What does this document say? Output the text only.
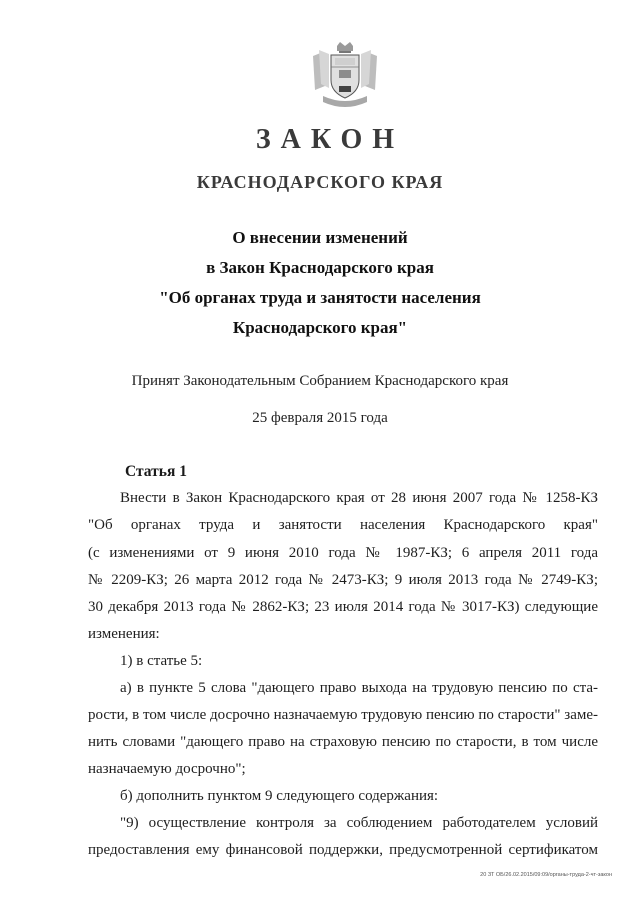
ЗАКОН
КРАСНОДАРСКОГО КРАЯ
О внесении изменений
в Закон Краснодарского края
"Об органах труда и занятости населения
Краснодарского края"
Принят Законодательным Собранием Краснодарского края
25 февраля 2015 года
Статья 1
Внести в Закон Краснодарского края от 28 июня 2007 года № 1258-КЗ
"Об органах труда и занятости населения Краснодарского края"
(с изменениями от 9 июня 2010 года № 1987-КЗ; 6 апреля 2011 года
№ 2209-КЗ; 26 марта 2012 года № 2473-КЗ; 9 июля 2013 года № 2749-КЗ;
30 декабря 2013 года № 2862-КЗ; 23 июля 2014 года № 3017-КЗ) следующие
изменения:
1) в статье 5:
а) в пункте 5 слова "дающего право выхода на трудовую пенсию по ста-
рости, в том числе досрочно назначаемую трудовую пенсию по старости" заме-
нить словами "дающего право на страховую пенсию по старости, в том числе
назначаемую досрочно";
б) дополнить пунктом 9 следующего содержания:
"9) осуществление контроля за соблюдением работодателем условий
предоставления ему финансовой поддержки, предусмотренной сертификатом
20 ЗТ ОБ/26.02.2015/09:09/органы-труда-2-чт-закон
